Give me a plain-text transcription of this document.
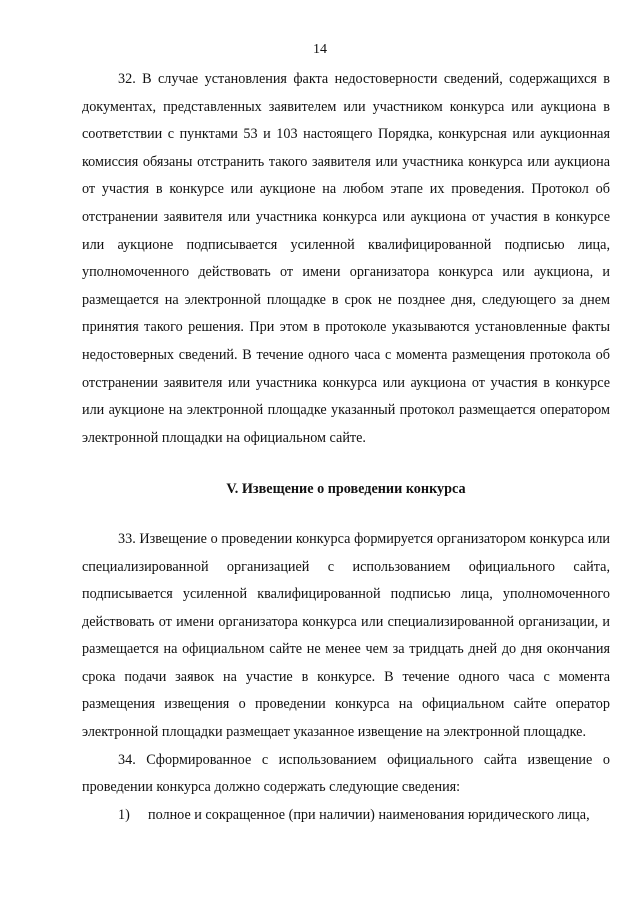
14

32. В случае установления факта недостоверности сведений, содержащихся в документах, представленных заявителем или участником конкурса или аукциона в соответствии с пунктами 53 и 103 настоящего Порядка, конкурсная или аукционная комиссия обязаны отстранить такого заявителя или участника конкурса или аукциона от участия в конкурсе или аукционе на любом этапе их проведения. Протокол об отстранении заявителя или участника конкурса или аукциона от участия в конкурсе или аукционе подписывается усиленной квалифицированной подписью лица, уполномоченного действовать от имени организатора конкурса или аукциона, и размещается на электронной площадке в срок не позднее дня, следующего за днем принятия такого решения. При этом в протоколе указываются установленные факты недостоверных сведений. В течение одного часа с момента размещения протокола об отстранении заявителя или участника конкурса или аукциона от участия в конкурсе или аукционе на электронной площадке указанный протокол размещается оператором электронной площадки на официальном сайте.

V. Извещение о проведении конкурса

33. Извещение о проведении конкурса формируется организатором конкурса или специализированной организацией с использованием официального сайта, подписывается усиленной квалифицированной подписью лица, уполномоченного действовать от имени организатора конкурса или специализированной организации, и размещается на официальном сайте не менее чем за тридцать дней до дня окончания срока подачи заявок на участие в конкурсе. В течение одного часа с момента размещения извещения о проведении конкурса на официальном сайте оператор электронной площадки размещает указанное извещение на электронной площадке.

34. Сформированное с использованием официального сайта извещение о проведении конкурса должно содержать следующие сведения:

1)	полное и сокращенное (при наличии) наименования юридического лица,
